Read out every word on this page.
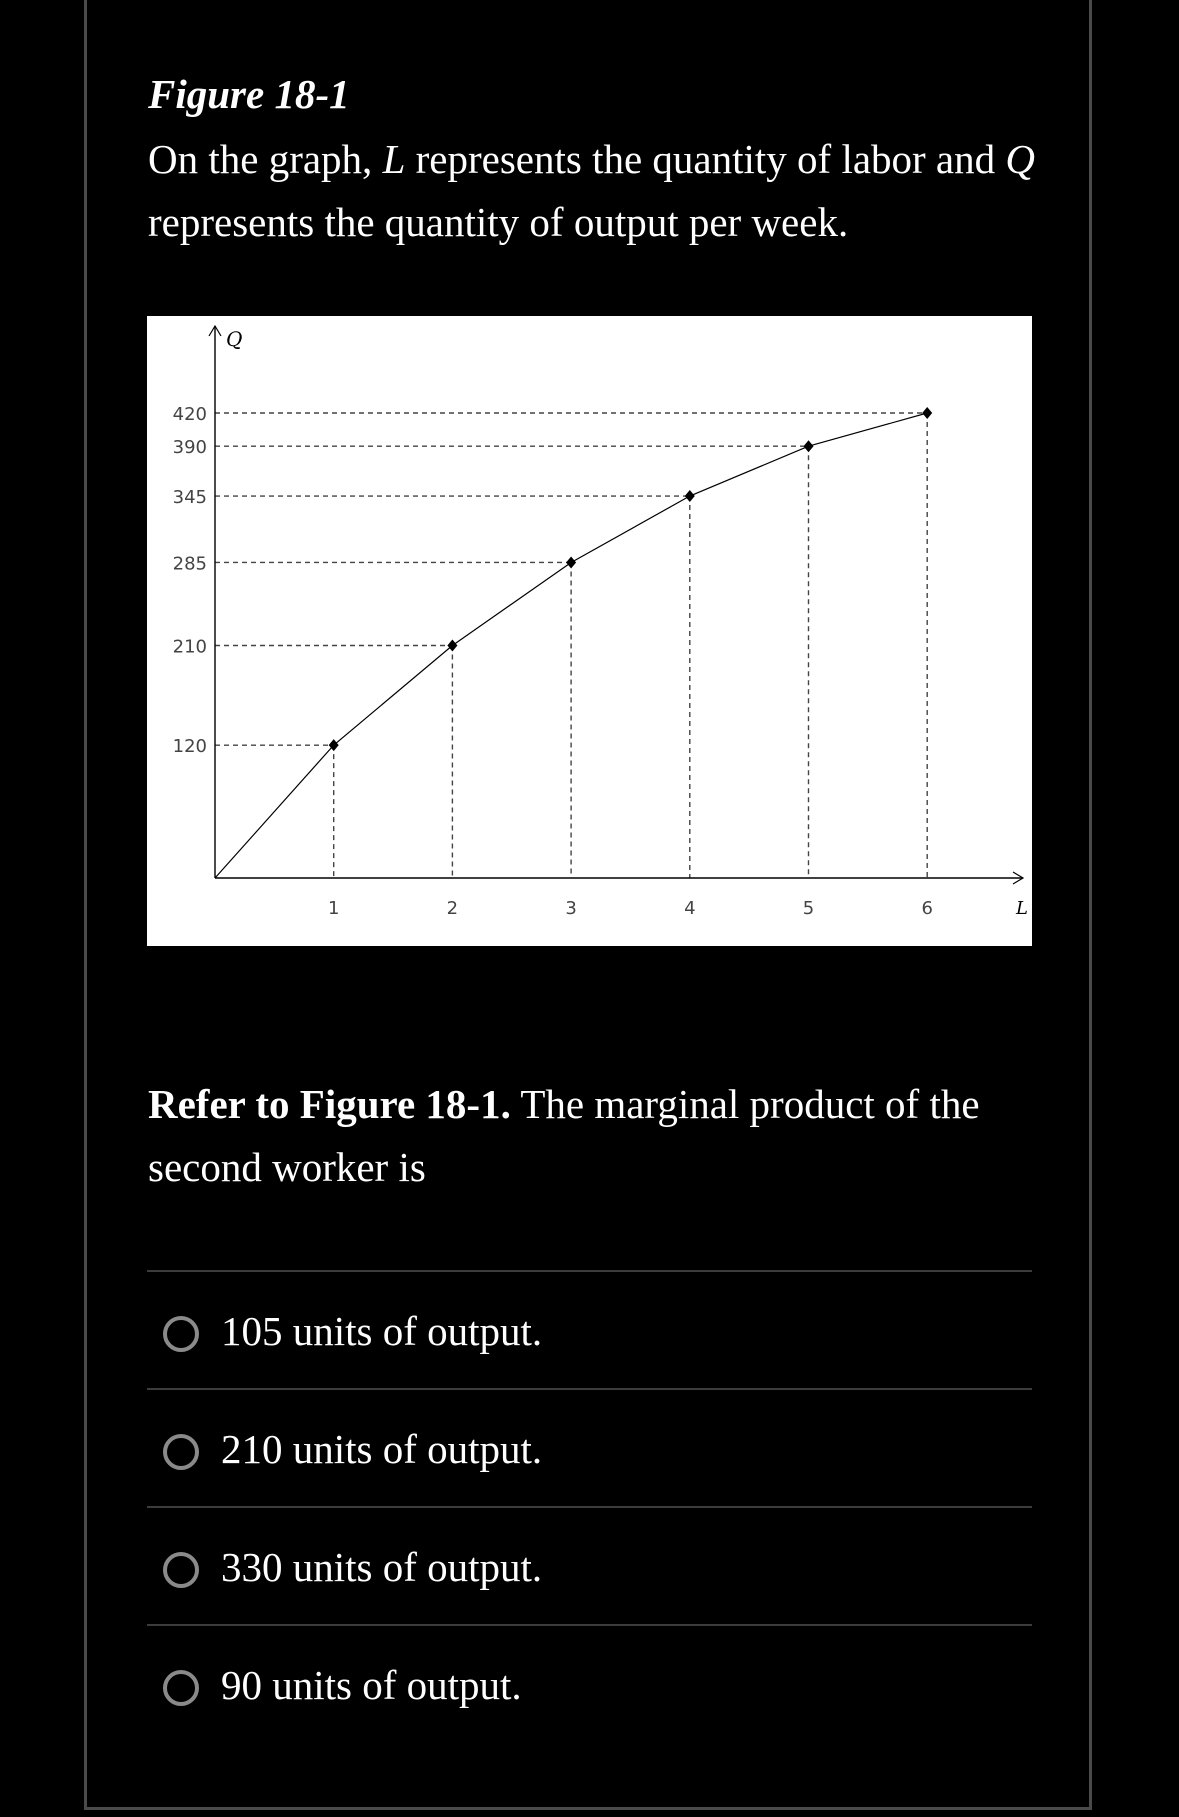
Figure 18-1

On the graph, L represents the quantity of labor and Q represents the quantity of output per week.

Q
L
120
210
285
345
390
420
1	2	3	4	5	6

Refer to Figure 18-1. The marginal product of the second worker is

105 units of output.
210 units of output.
330 units of output.
90 units of output.
